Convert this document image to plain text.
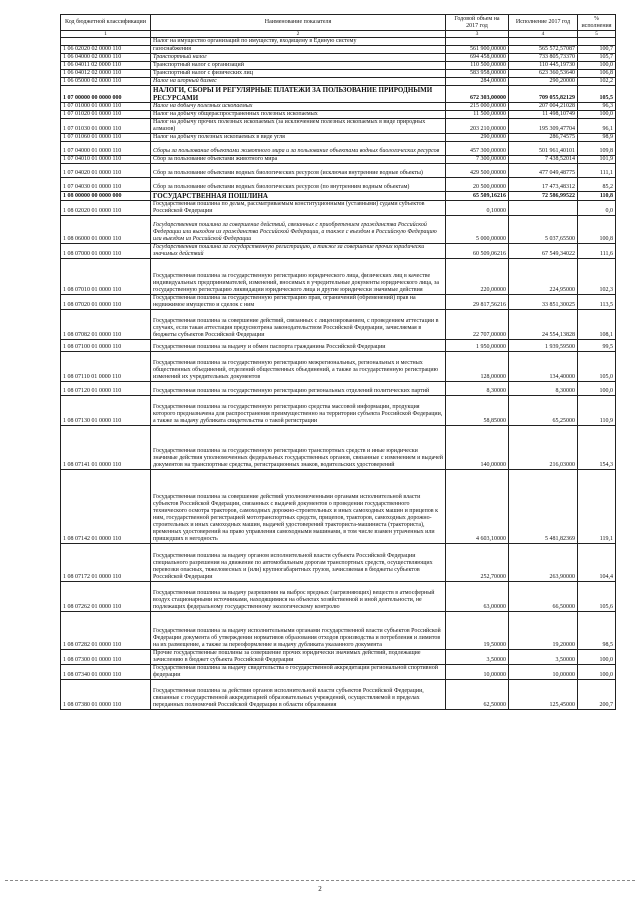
Код бюджетной классификации	Наименование показателя	Годовой объем на 2017 год	Исполнение 2017 год	% исполнения
1	2	3	4	5
	Налог на имущество организаций по имуществу, входящему в Единую систему			
1 06 02020 02 0000 110	газоснабжения	561 900,00000	565 572,57087	100,7
1 06 04000 02 0000 110	Транспортный налог	694 458,00000	733 805,73370	105,7
1 06 04011 02 0000 110	Транспортный налог с организаций	110 500,00000	110 445,19730	100,0
1 06 04012 02 0000 110	Транспортный налог с физических лиц	583 958,00000	623 360,53640	106,8
1 06 05000 02 0000 110	Налог на игорный бизнес	284,00000	290,20000	102,2
1 07 00000 00 0000 000	НАЛОГИ, СБОРЫ И РЕГУЛЯРНЫЕ ПЛАТЕЖИ ЗА ПОЛЬЗОВАНИЕ ПРИРОДНЫМИ РЕСУРСАМИ	672 303,00000	709 055,82129	105,5
1 07 01000 01 0000 110	Налог на добычу полезных ископаемых	215 000,00000	207 004,21028	96,3
1 07 01020 01 0000 110	Налог на добычу общераспространенных полезных ископаемых	11 500,00000	11 498,10749	100,0
1 07 01030 01 0000 110	Налог на добычу прочих полезных ископаемых (за исключением полезных ископаемых в виде природных алмазов)	203 210,00000	195 309,47704	96,1
1 07 01060 01 0000 110	Налог на добычу полезных ископаемых в виде угля	290,00000	286,74575	98,9
1 07 04000 01 0000 110	Сборы за пользование объектами животного мира и за пользование объектами водных биологических ресурсов	457 300,00000	501 961,40101	109,8
1 07 04010 01 0000 110	Сбор за пользование объектами животного мира	7 300,00000	7 438,52014	101,9
1 07 04020 01 0000 110	Сбор за пользование объектами водных биологических ресурсов (исключая внутренние водные объекты)	429 500,00000	477 049,48775	111,1
1 07 04030 01 0000 110	Сбор за пользование объектами водных биологических ресурсов (по внутренним водным объектам)	20 500,00000	17 473,48312	85,2
1 08 00000 00 0000 000	ГОСУДАРСТВЕННАЯ ПОШЛИНА	65 509,16216	72 586,99522	110,8
1 08 02020 01 0000 110	Государственная пошлина по делам, рассматриваемым конституционными (уставными) судами субъектов Российской Федерации	0,10000		0,0
1 08 06000 01 0000 110	Государственная пошлина за совершение действий, связанных с приобретением гражданства Российской Федерации или выходом из гражданства Российской Федерации, а также с въездом в Российскую Федерацию или выездом из Российской Федерации	5 000,00000	5 037,65500	100,8
1 08 07000 01 0000 110	Государственная пошлина за государственную регистрацию, а также за совершение прочих юридически значимых действий	60 509,06216	67 549,34022	111,6
1 08 07010 01 0000 110	Государственная пошлина за государственную регистрацию юридического лица, физических лиц в качестве индивидуальных предпринимателей, изменений, вносимых в учредительные документы юридического лица, за государственную регистрацию ликвидации юридического лица и другие юридически значимые действия	220,00000	224,95000	102,3
1 08 07020 01 0000 110	Государственная пошлина за государственную регистрацию прав, ограничений (обременений) прав на недвижимое имущество и сделок с ним	29 817,56216	33 851,30025	113,5
1 08 07082 01 0000 110	Государственная пошлина за совершение действий, связанных с лицензированием, с проведением аттестации в случаях, если такая аттестация предусмотрена законодательством Российской Федерации, зачисляемая в бюджеты субъектов Российской Федерации	22 707,00000	24 554,13828	108,1
1 08 07100 01 0000 110	Государственная пошлина за выдачу и обмен паспорта гражданина Российской Федерации	1 950,00000	1 939,59500	99,5
1 08 07110 01 0000 110	Государственная пошлина за государственную регистрацию межрегиональных, региональных и местных общественных объединений, отделений общественных объединений, а также за государственную регистрацию изменений их учредительных документов	128,00000	134,40000	105,0
1 08 07120 01 0000 110	Государственная пошлина за государственную регистрацию региональных отделений политических партий	8,30000	8,30000	100,0
1 08 07130 01 0000 110	Государственная пошлина за государственную регистрацию средства массовой информации, продукция которого предназначена для распространения преимущественно на территории субъекта Российской Федерации, а также за выдачу дубликата свидетельства о такой регистрации	58,85000	65,25000	110,9
1 08 07141 01 0000 110	Государственная пошлина за государственную регистрацию транспортных средств и иные юридически значимые действия уполномоченных федеральных государственных органов, связанные с изменением и выдачей документов на транспортные средства, регистрационных знаков, водительских удостоверений	140,00000	216,03000	154,3
1 08 07142 01 0000 110	Государственная пошлина за совершение действий уполномоченными органами исполнительной власти субъектов Российской Федерации, связанных с выдачей документов о проведении государственного технического осмотра тракторов, самоходных дорожно-строительных и иных самоходных машин и прицепов к ним, государственной регистрацией мототранспортных средств, прицепов, тракторов, самоходных дорожно-строительных и иных самоходных машин, выдачей удостоверений тракториста-машиниста (тракториста), временных удостоверений на право управления самоходными машинами, в том числе взамен утраченных или пришедших в негодность	4 603,10000	5 481,82369	119,1
1 08 07172 01 0000 110	Государственная пошлина за выдачу органом исполнительной власти субъекта Российской Федерации специального разрешения на движение по автомобильным дорогам транспортных средств, осуществляющих перевозки опасных, тяжеловесных и (или) крупногабаритных грузов, зачисляемая в бюджеты субъектов Российской Федерации	252,70000	263,90000	104,4
1 08 07262 01 0000 110	Государственная пошлина за выдачу разрешения на выброс вредных (загрязняющих) веществ в атмосферный воздух стационарными источниками, находящимися на объектах хозяйственной и иной деятельности, не подлежащих федеральному государственному экологическому контролю	63,00000	66,50000	105,6
1 08 07282 01 0000 110	Государственная пошлина за выдачу исполнительными органами государственной власти субъектов Российской Федерации документа об утверждении нормативов образования отходов производства и потребления и лимитов на их размещение, а также за переоформление и выдачу дубликата указанного документа	19,50000	19,20000	98,5
1 08 07300 01 0000 110	Прочие государственные пошлины за совершение прочих юридически значимых действий, подлежащие зачислению в бюджет субъекта Российской Федерации	3,50000	3,50000	100,0
1 08 07340 01 0000 110	Государственная пошлина за выдачу свидетельства о государственной аккредитации региональной спортивной федерации	10,00000	10,00000	100,0
1 08 07380 01 0000 110	Государственная пошлина за действия органов исполнительной власти субъектов Российской Федерации, связанные с государственной аккредитацией образовательных учреждений, осуществляемой в пределах переданных полномочий Российской Федерации в области образования	62,50000	125,45000	200,7
2
